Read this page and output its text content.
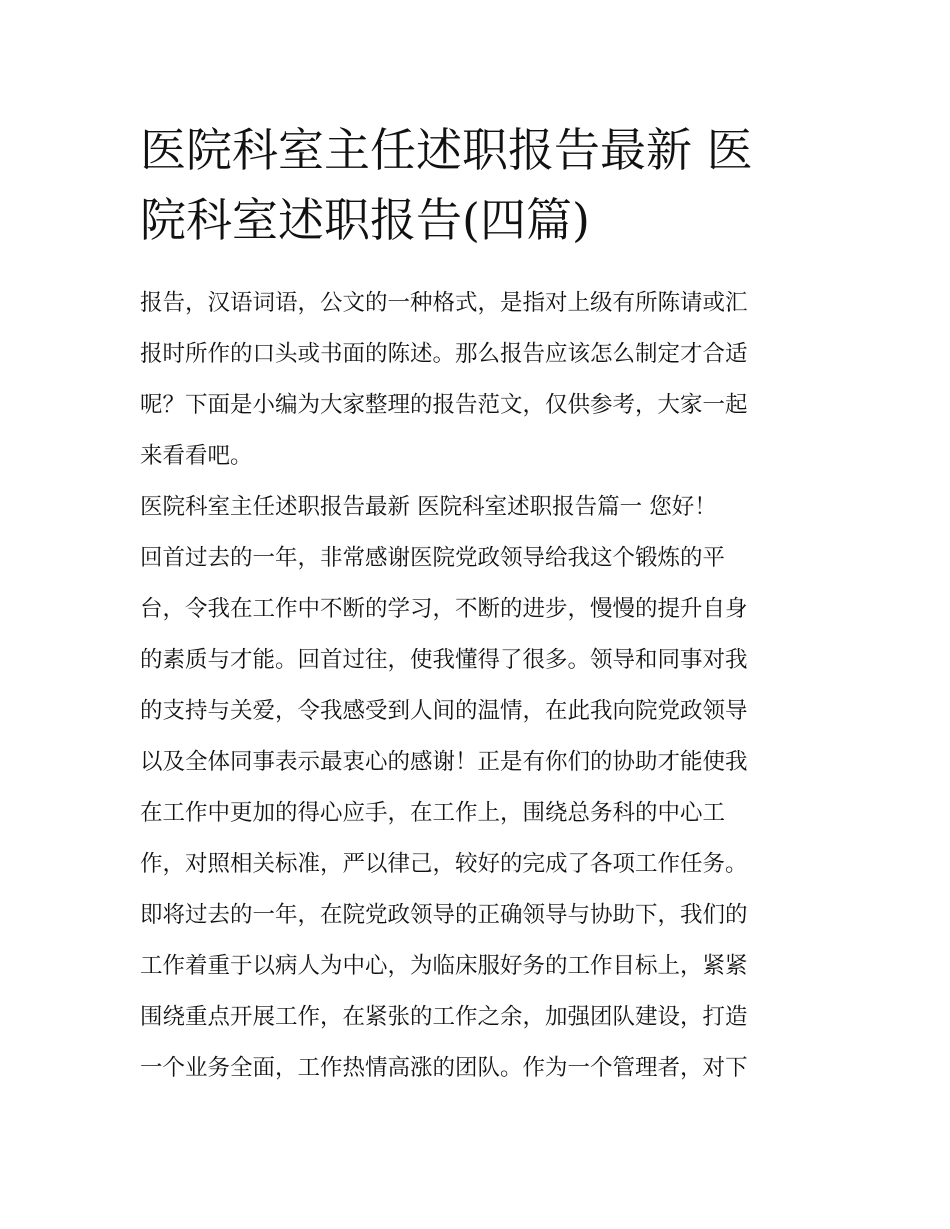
医院科室主任述职报告最新 医
院科室述职报告(四篇)
报告，汉语词语，公文的一种格式，是指对上级有所陈请或汇
报时所作的口头或书面的陈述。那么报告应该怎么制定才合适
呢？下面是小编为大家整理的报告范文，仅供参考，大家一起
来看看吧。
医院科室主任述职报告最新 医院科室述职报告篇一 您好！
回首过去的一年，非常感谢医院党政领导给我这个锻炼的平
台，令我在工作中不断的学习，不断的进步，慢慢的提升自身
的素质与才能。回首过往，使我懂得了很多。领导和同事对我
的支持与关爱，令我感受到人间的温情，在此我向院党政领导
以及全体同事表示最衷心的感谢！正是有你们的协助才能使我
在工作中更加的得心应手，在工作上，围绕总务科的中心工
作，对照相关标准，严以律己，较好的完成了各项工作任务。
即将过去的一年，在院党政领导的正确领导与协助下，我们的
工作着重于以病人为中心，为临床服好务的工作目标上，紧紧
围绕重点开展工作，在紧张的工作之余，加强团队建设，打造
一个业务全面，工作热情高涨的团队。作为一个管理者，对下
